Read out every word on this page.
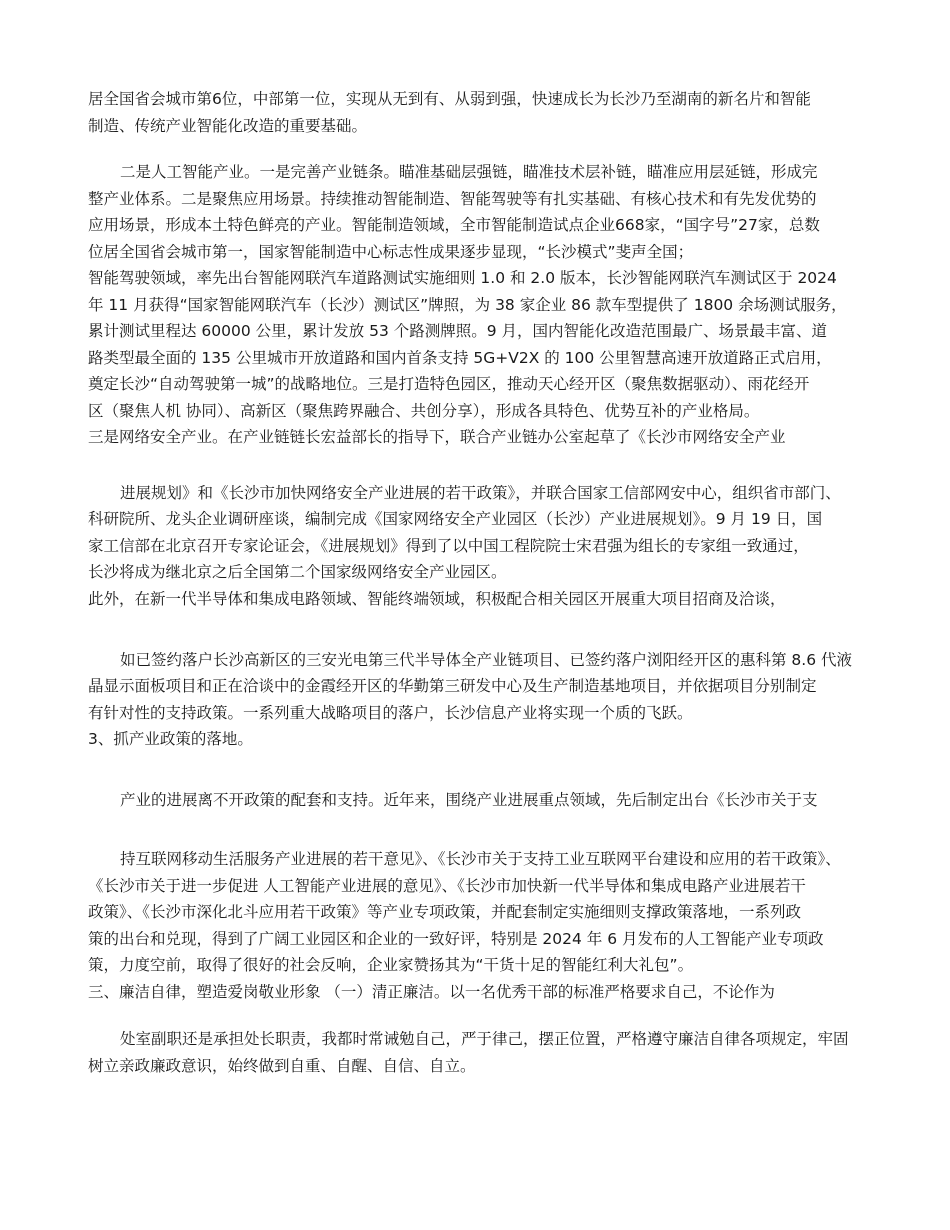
居全国省会城市第6位，中部第一位，实现从无到有、从弱到强，快速成长为长沙乃至湖南的新名片和智能

制造、传统产业智能化改造的重要基础。

二是人工智能产业。一是完善产业链条。瞄准基础层强链，瞄准技术层补链，瞄准应用层延链，形成完

整产业体系。二是聚焦应用场景。持续推动智能制造、智能驾驶等有扎实基础、有核心技术和有先发优势的

应用场景，形成本土特色鲜亮的产业。智能制造领域，全市智能制造试点企业668家，“国字号”27家，总数

位居全国省会城市第一，国家智能制造中心标志性成果逐步显现，“长沙模式”斐声全国；

智能驾驶领域，率先出台智能网联汽车道路测试实施细则 1.0 和 2.0 版本，长沙智能网联汽车测试区于 2024

年 11 月获得“国家智能网联汽车（长沙）测试区”牌照，为 38 家企业 86 款车型提供了 1800 余场测试服务，

累计测试里程达 60000 公里，累计发放 53 个路测牌照。9 月，国内智能化改造范围最广、场景最丰富、道

路类型最全面的 135 公里城市开放道路和国内首条支持 5G+V2X 的 100 公里智慧高速开放道路正式启用，

奠定长沙“自动驾驶第一城”的战略地位。三是打造特色园区，推动天心经开区（聚焦数据驱动）、雨花经开

区（聚焦人机 协同）、高新区（聚焦跨界融合、共创分享），形成各具特色、优势互补的产业格局。

三是网络安全产业。在产业链链长宏益部长的指导下，联合产业链办公室起草了《长沙市网络安全产业

进展规划》和《长沙市加快网络安全产业进展的若干政策》，并联合国家工信部网安中心，组织省市部门、

科研院所、龙头企业调研座谈，编制完成《国家网络安全产业园区（长沙）产业进展规划》。9 月 19 日，国

家工信部在北京召开专家论证会，《进展规划》得到了以中国工程院院士宋君强为组长的专家组一致通过，

长沙将成为继北京之后全国第二个国家级网络安全产业园区。

此外，在新一代半导体和集成电路领域、智能终端领域，积极配合相关园区开展重大项目招商及洽谈，

如已签约落户长沙高新区的三安光电第三代半导体全产业链项目、已签约落户浏阳经开区的惠科第 8.6 代液

晶显示面板项目和正在洽谈中的金霞经开区的华勤第三研发中心及生产制造基地项目，并依据项目分别制定

有针对性的支持政策。一系列重大战略项目的落户，长沙信息产业将实现一个质的飞跃。

3、抓产业政策的落地。

产业的进展离不开政策的配套和支持。近年来，围绕产业进展重点领域，先后制定出台《长沙市关于支

持互联网移动生活服务产业进展的若干意见》、《长沙市关于支持工业互联网平台建设和应用的若干政策》、

《长沙市关于进一步促进 人工智能产业进展的意见》、《长沙市加快新一代半导体和集成电路产业进展若干

政策》、《长沙市深化北斗应用若干政策》等产业专项政策，并配套制定实施细则支撑政策落地，一系列政

策的出台和兑现，得到了广阔工业园区和企业的一致好评，特别是 2024 年 6 月发布的人工智能产业专项政

策，力度空前，取得了很好的社会反响，企业家赞扬其为“干货十足的智能红利大礼包”。

三、廉洁自律，塑造爱岗敬业形象 （一）清正廉洁。以一名优秀干部的标准严格要求自己，不论作为

处室副职还是承担处长职责，我都时常诫勉自己，严于律己，摆正位置，严格遵守廉洁自律各项规定，牢固

树立亲政廉政意识，始终做到自重、自醒、自信、自立。
